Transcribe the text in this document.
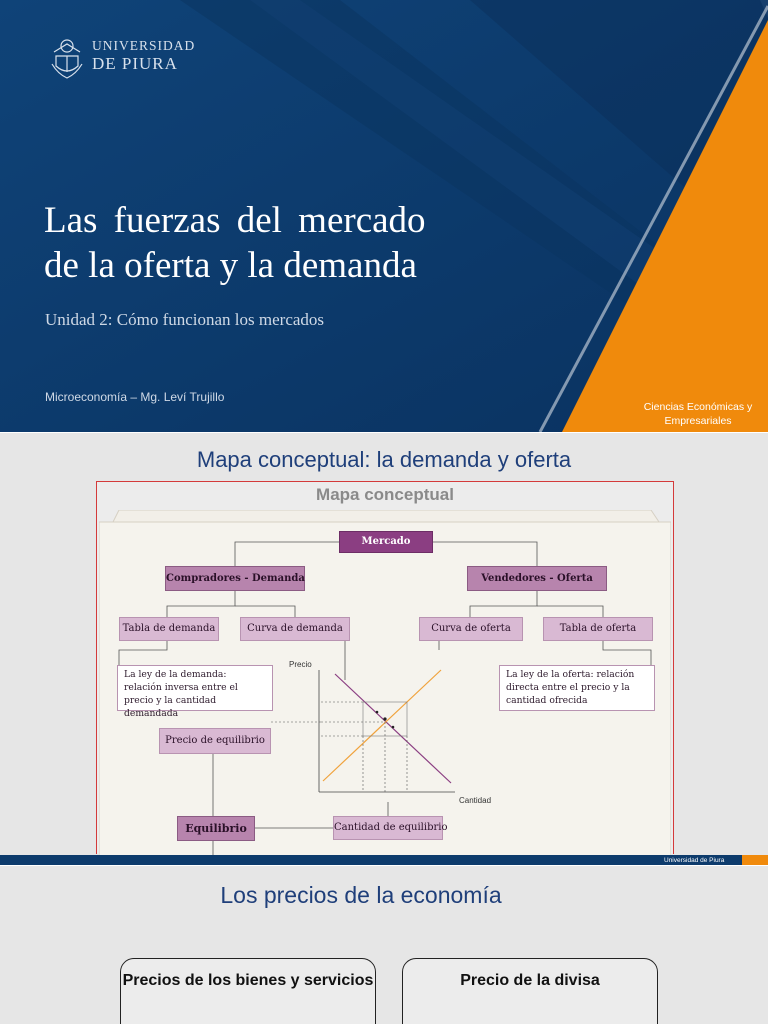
UNIVERSIDAD
DE PIURA
Las fuerzas del mercado
de la oferta y la demanda
Unidad 2: Cómo funcionan los mercados
Microeconomía – Mg. Leví Trujillo
Ciencias Económicas y
Empresariales
Mapa conceptual: la demanda y oferta
Mapa conceptual
Mercado
Compradores - Demanda	Vendedores - Oferta
Tabla de demanda	Curva de demanda	Curva de oferta	Tabla de oferta
La ley de la demanda: relación inversa entre el precio y la cantidad demandada
La ley de la oferta: relación directa entre el precio y la cantidad ofrecida
Precio de equilibrio
Equilibrio	Cantidad de equilibrio
Precio
Cantidad
Universidad de Piura
Los precios de la economía
Precios de los bienes y servicios	Precio de la divisa
